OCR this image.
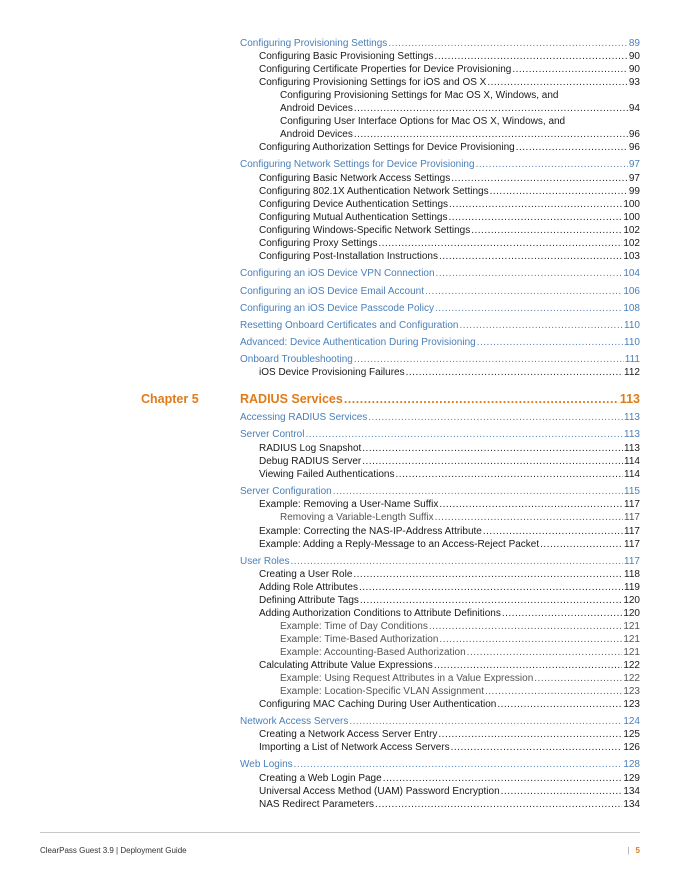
Configuring Provisioning Settings .....	89
Configuring Basic Provisioning Settings .....	90
Configuring Certificate Properties for Device Provisioning .....	90
Configuring Provisioning Settings for iOS and OS X .....	93
Configuring Provisioning Settings for Mac OS X, Windows, and
Android Devices .....	94
Configuring User Interface Options for Mac OS X, Windows, and
Android Devices .....	96
Configuring Authorization Settings for Device Provisioning .....	96
Configuring Network Settings for Device Provisioning .....	97
Configuring Basic Network Access Settings .....	97
Configuring 802.1X Authentication Network Settings .....	99
Configuring Device Authentication Settings .....	100
Configuring Mutual Authentication Settings .....	100
Configuring Windows-Specific Network Settings .....	102
Configuring Proxy Settings .....	102
Configuring Post-Installation Instructions .....	103
Configuring an iOS Device VPN Connection .....	104
Configuring an iOS Device Email Account .....	106
Configuring an iOS Device Passcode Policy .....	108
Resetting Onboard Certificates and Configuration .....	110
Advanced: Device Authentication During Provisioning .....	110
Onboard Troubleshooting .....	111
iOS Device Provisioning Failures .....	112
Chapter 5	RADIUS Services .....	113
Accessing RADIUS Services .....	113
Server Control .....	113
RADIUS Log Snapshot .....	113
Debug RADIUS Server .....	114
Viewing Failed Authentications .....	114
Server Configuration .....	115
Example: Removing a User-Name Suffix .....	117
Removing a Variable-Length Suffix .....	117
Example: Correcting the NAS-IP-Address Attribute .....	117
Example: Adding a Reply-Message to an Access-Reject Packet .....	117
User Roles .....	117
Creating a User Role .....	118
Adding Role Attributes .....	119
Defining Attribute Tags .....	120
Adding Authorization Conditions to Attribute Definitions .....	120
Example: Time of Day Conditions .....	121
Example: Time-Based Authorization .....	121
Example: Accounting-Based Authorization .....	121
Calculating Attribute Value Expressions .....	122
Example: Using Request Attributes in a Value Expression .....	122
Example: Location-Specific VLAN Assignment .....	123
Configuring MAC Caching During User Authentication .....	123
Network Access Servers .....	124
Creating a Network Access Server Entry .....	125
Importing a List of Network Access Servers .....	126
Web Logins .....	128
Creating a Web Login Page .....	129
Universal Access Method (UAM) Password Encryption .....	134
NAS Redirect Parameters .....	134
ClearPass Guest 3.9 | Deployment Guide	| 5
